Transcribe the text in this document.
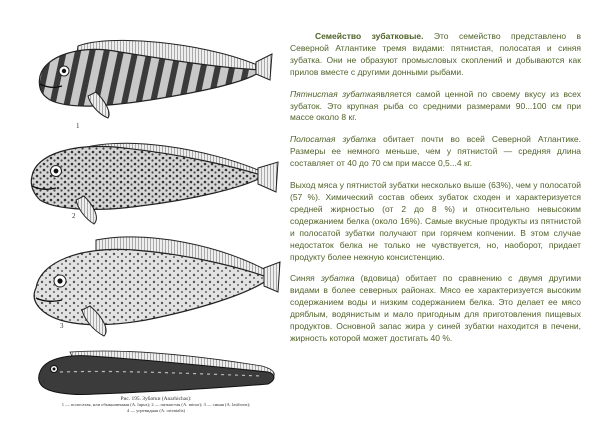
1
2
3
4
Рис. 195. Зубатки (Anarhichas):
1 — полосатая, или обыкновенная (A. lupus); 2 — пятнистая (A. minor); 3 — синяя (A. latifrons);
4 — угревидная (A. orientalis)

Семейство зубатковые. Это семейство представлено в Северной Атлантике тремя видами: пятнистая, полосатая и синяя зубатка. Они не образуют промысловых скоплений и добываются как прилов вместе с другими донными рыбами.

Пятнистая зубаткаявляется самой ценной по своему вкусу из всех зубаток. Это крупная рыба со средними размерами 90...100 см при массе около 8 кг.

Полосатая зубатка обитает почти во всей Северной Атлантике. Размеры ее немного меньше, чем у пятнистой — средняя длина составляет от 40 до 70 см при массе 0,5...4 кг.

Выход мяса у пятнистой зубатки несколько выше (63%), чем у полосатой (57 %). Химический состав обеих зубаток сходен и характеризуется средней жирностью (от 2 до 8 %) и относительно невысоким содержанием белка (около 16%). Самые вкусные продукты из пятнистой и полосатой зубатки получают при горячем копчении. В этом случае недостаток белка не только не чувствуется, но, наоборот, придает продукту более нежную консистенцию.

Синяя зубатка (вдовица) обитает по сравнению с двумя другими видами в более северных районах. Мясо ее характеризуется высоким содержанием воды и низким содержанием белка. Это делает ее мясо дряблым, водянистым и мало пригодным для приготовления пищевых продуктов. Основной запас жира у синей зубатки находится в печени, жирность которой может достигать 40 %.
